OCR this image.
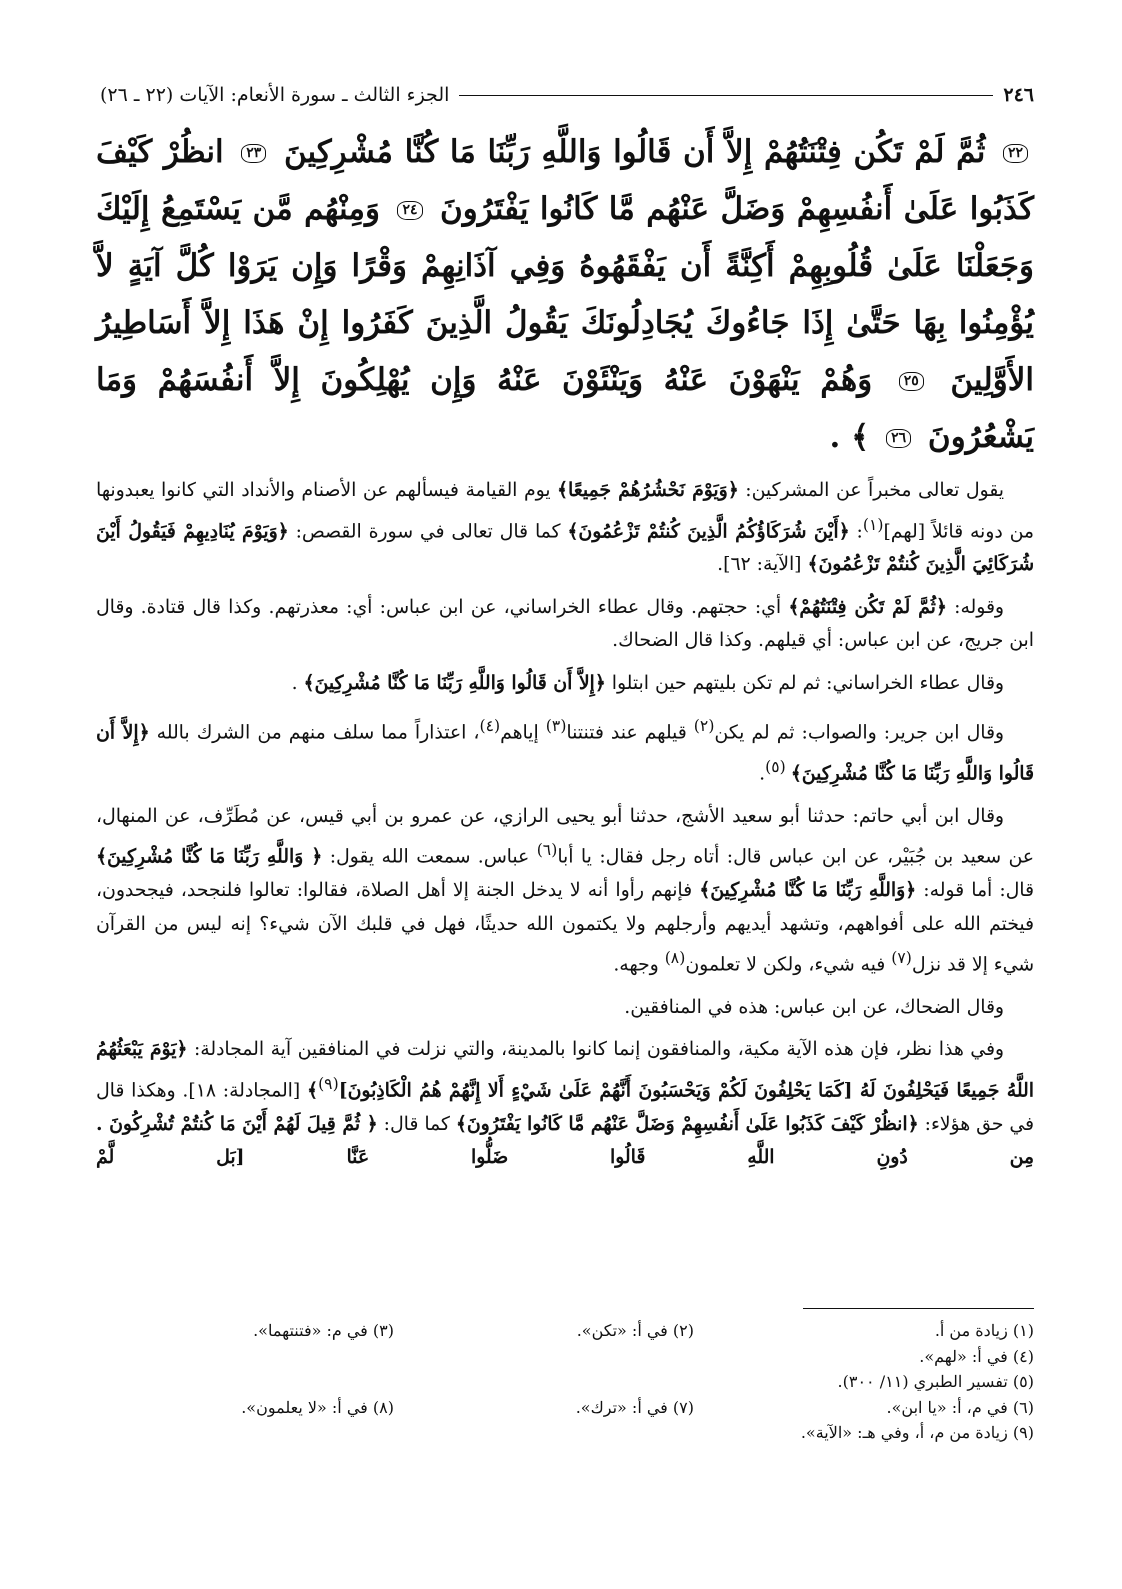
٢٤٦
الجزء الثالث ـ سورة الأنعام: الآيات (٢٢ ـ ٢٦)
٢٢ ثُمَّ لَمْ تَكُن فِتْنَتُهُمْ إِلاَّ أَن قَالُوا وَاللَّهِ رَبِّنَا مَا كُنَّا مُشْرِكِينَ ٢٣ انظُرْ كَيْفَ كَذَبُوا عَلَىٰ أَنفُسِهِمْ وَضَلَّ عَنْهُم مَّا كَانُوا يَفْتَرُونَ ٢٤ وَمِنْهُم مَّن يَسْتَمِعُ إِلَيْكَ وَجَعَلْنَا عَلَىٰ قُلُوبِهِمْ أَكِنَّةً أَن يَفْقَهُوهُ وَفِي آذَانِهِمْ وَقْرًا وَإِن يَرَوْا كُلَّ آيَةٍ لاَّ يُؤْمِنُوا بِهَا حَتَّىٰ إِذَا جَاءُوكَ يُجَادِلُونَكَ يَقُولُ الَّذِينَ كَفَرُوا إِنْ هَذَا إِلاَّ أَسَاطِيرُ الأَوَّلِينَ ٢٥ وَهُمْ يَنْهَوْنَ عَنْهُ وَيَنْئَوْنَ عَنْهُ وَإِن يُهْلِكُونَ إِلاَّ أَنفُسَهُمْ وَمَا يَشْعُرُونَ ٢٦ ﴾ .

يقول تعالى مخبراً عن المشركين: ﴿وَيَوْمَ نَحْشُرُهُمْ جَمِيعًا﴾ يوم القيامة فيسألهم عن الأصنام والأنداد التي كانوا يعبدونها من دونه قائلاً [لهم]$^{(١)}$: ﴿أَيْنَ شُرَكَاؤُكُمُ الَّذِينَ كُنتُمْ تَزْعُمُونَ﴾ كما قال تعالى في سورة القصص: ﴿وَيَوْمَ يُنَادِيهِمْ فَيَقُولُ أَيْنَ شُرَكَائِيَ الَّذِينَ كُنتُمْ تَزْعُمُونَ﴾ [الآية: ٦٢].

وقوله: ﴿ثُمَّ لَمْ تَكُن فِتْنَتُهُمْ﴾ أي: حجتهم. وقال عطاء الخراساني، عن ابن عباس: أي: معذرتهم. وكذا قال قتادة. وقال ابن جريج، عن ابن عباس: أي قيلهم. وكذا قال الضحاك.

وقال عطاء الخراساني: ثم لم تكن بليتهم حين ابتلوا ﴿إِلاَّ أَن قَالُوا وَاللَّهِ رَبِّنَا مَا كُنَّا مُشْرِكِينَ﴾ .

وقال ابن جرير: والصواب: ثم لم يكن$^{(٢)}$ قيلهم عند فتنتنا$^{(٣)}$ إياهم$^{(٤)}$، اعتذاراً مما سلف منهم من الشرك بالله ﴿إِلاَّ أَن قَالُوا وَاللَّهِ رَبِّنَا مَا كُنَّا مُشْرِكِينَ﴾ $^{(٥)}$.

وقال ابن أبي حاتم: حدثنا أبو سعيد الأشج، حدثنا أبو يحيى الرازي، عن عمرو بن أبي قيس، عن مُطَرِّف، عن المنهال، عن سعيد بن جُبَيْر، عن ابن عباس قال: أتاه رجل فقال: يا أبا$^{(٦)}$ عباس. سمعت الله يقول: ﴿ وَاللَّهِ رَبِّنَا مَا كُنَّا مُشْرِكِينَ﴾ قال: أما قوله: ﴿وَاللَّهِ رَبِّنَا مَا كُنَّا مُشْرِكِينَ﴾ فإنهم رأوا أنه لا يدخل الجنة إلا أهل الصلاة، فقالوا: تعالوا فلنجحد، فيجحدون، فيختم الله على أفواههم، وتشهد أيديهم وأرجلهم ولا يكتمون الله حديثًا، فهل في قلبك الآن شيء؟ إنه ليس من القرآن شيء إلا قد نزل$^{(٧)}$ فيه شيء، ولكن لا تعلمون$^{(٨)}$ وجهه.

وقال الضحاك، عن ابن عباس: هذه في المنافقين.

وفي هذا نظر، فإن هذه الآية مكية، والمنافقون إنما كانوا بالمدينة، والتي نزلت في المنافقين آية المجادلة: ﴿يَوْمَ يَبْعَثُهُمُ اللَّهُ جَمِيعًا فَيَحْلِفُونَ لَهُ [كَمَا يَحْلِفُونَ لَكُمْ وَيَحْسَبُونَ أَنَّهُمْ عَلَىٰ شَيْءٍ أَلا إِنَّهُمْ هُمُ الْكَاذِبُونَ]$^{(٩)}$﴾ [المجادلة: ١٨]. وهكذا قال في حق هؤلاء: ﴿انظُرْ كَيْفَ كَذَبُوا عَلَىٰ أَنفُسِهِمْ وَضَلَّ عَنْهُم مَّا كَانُوا يَفْتَرُونَ﴾ كما قال: ﴿ ثُمَّ قِيلَ لَهُمْ أَيْنَ مَا كُنتُمْ تُشْرِكُونَ . مِن دُونِ اللَّهِ قَالُوا ضَلُّوا عَنَّا [بَل لَّمْ

(١) زيادة من أ.
(٢) في أ: «تكن».
(٣) في م: «فتنتهما».
(٤) في أ: «لهم».
(٥) تفسير الطبري (١١/ ٣٠٠).
(٦) في م، أ: «يا ابن».
(٧) في أ: «ترك».
(٨) في أ: «لا يعلمون».
(٩) زيادة من م، أ، وفي هـ: «الآية».
